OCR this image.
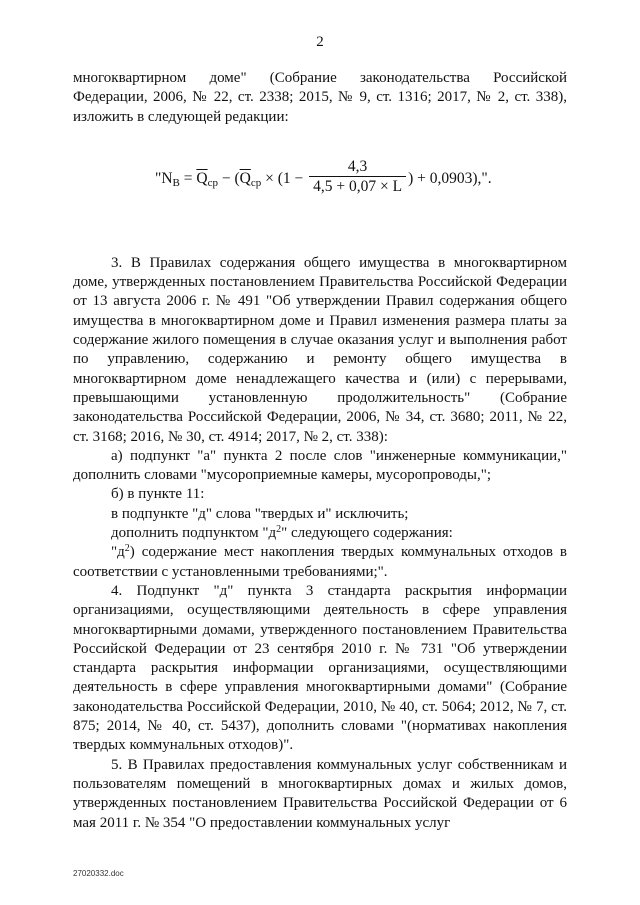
2

многоквартирном доме" (Собрание законодательства Российской Федерации, 2006, № 22, ст. 2338; 2015, № 9, ст. 1316; 2017, № 2, ст. 338), изложить в следующей редакции:

"$N_B = \overline{Q}_{ср} - (\overline{Q}_{ср} \times (1 - \frac{4,3}{4,5 + 0,07 \times L}$ ) + 0,0903),".

3. В Правилах содержания общего имущества в многоквартирном доме, утвержденных постановлением Правительства Российской Федерации от 13 августа 2006 г. № 491 "Об утверждении Правил содержания общего имущества в многоквартирном доме и Правил изменения размера платы за содержание жилого помещения в случае оказания услуг и выполнения работ по управлению, содержанию и ремонту общего имущества в многоквартирном доме ненадлежащего качества и (или) с перерывами, превышающими установленную продолжительность" (Собрание законодательства Российской Федерации, 2006, № 34, ст. 3680; 2011, № 22, ст. 3168; 2016, № 30, ст. 4914; 2017, № 2, ст. 338):

а) подпункт "а" пункта 2 после слов "инженерные коммуникации," дополнить словами "мусороприемные камеры, мусоропроводы,";

б) в пункте 11:

в подпункте "д" слова "твердых и" исключить;

дополнить подпунктом "$д^2$" следующего содержания:

"$д^2$) содержание мест накопления твердых коммунальных отходов в соответствии с установленными требованиями;".

4. Подпункт "д" пункта 3 стандарта раскрытия информации организациями, осуществляющими деятельность в сфере управления многоквартирными домами, утвержденного постановлением Правительства Российской Федерации от 23 сентября 2010 г. № 731 "Об утверждении стандарта раскрытия информации организациями, осуществляющими деятельность в сфере управления многоквартирными домами" (Собрание законодательства Российской Федерации, 2010, № 40, ст. 5064; 2012, № 7, ст. 875; 2014, № 40, ст. 5437), дополнить словами "(нормативах накопления твердых коммунальных отходов)".

5. В Правилах предоставления коммунальных услуг собственникам и пользователям помещений в многоквартирных домах и жилых домов, утвержденных постановлением Правительства Российской Федерации от 6 мая 2011 г. № 354 "О предоставлении коммунальных услуг

27020332.doc
